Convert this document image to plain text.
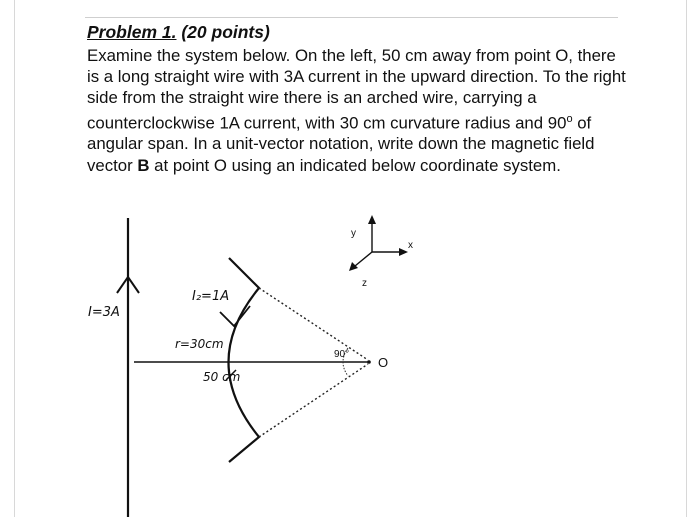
Problem 1. (20 points)
Examine the system below. On the left, 50 cm away from point O, there is a long straight wire with 3A current in the upward direction. To the right side from the straight wire there is an arched wire, carrying a counterclockwise 1A current, with 30 cm curvature radius and 90$^o$ of angular span. In a unit-vector notation, write down the magnetic field vector B at point O using an indicated below coordinate system.
I=3A
I₂=1A
r=30cm
50 cm
90°
O
y
x
z
